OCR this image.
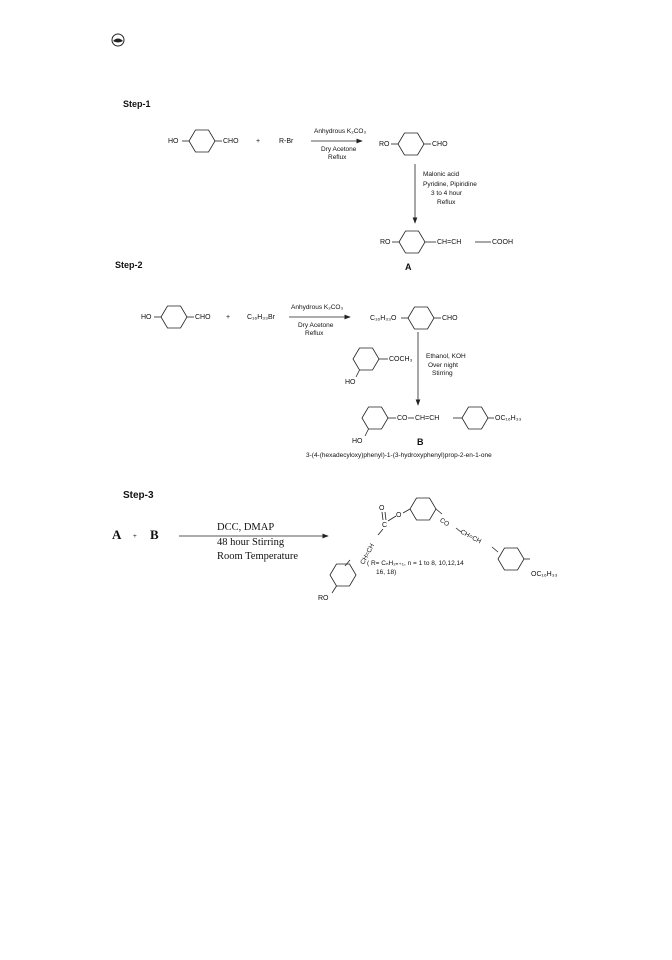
Step-1
HO	CHO +	R-Br
Anhydrous K₂CO₃
Dry Acetone
Reflux
RO	CHO
Malonic acid
Pyridine, Pipiridine
3 to 4 hour
Reflux
RO	CH=CH	COOH
A
Step-2
HO	CHO + C₁₆H₃₃Br
Anhydrous K₂CO₃
Dry Acetone
Reflux
C₁₆H₃₃O	CHO
COCH₃
HO
Ethanol, KOH
Over night
Stirring
HO
CO CH=CH	OC₁₆H₃₃
B
3-(4-(hexadecyloxy)phenyl)-1-(3-hydroxyphenyl)prop-2-en-1-one
Step-3
A + B	DCC, DMAP
48 hour Stirring
Room Temperature
O
C
O
CH=CH
RO
CO
CH=CH
OC₁₆H₃₃
( R= CₙH₂ₙ₊₁, n = 1 to 8, 10,12,14
16, 18)
